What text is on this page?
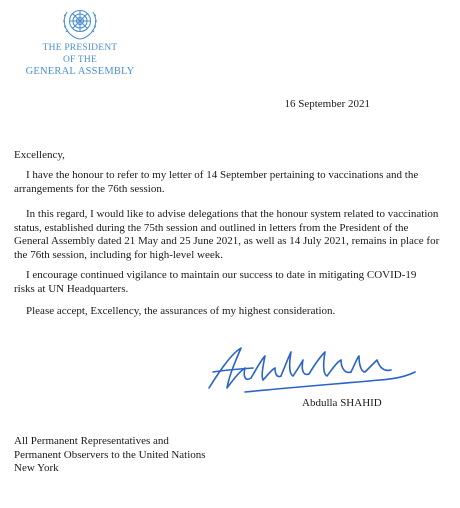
THE PRESIDENT
OF THE
GENERAL ASSEMBLY
16 September 2021
Excellency,
I have the honour to refer to my letter of 14 September pertaining to vaccinations and the
arrangements for the 76th session.
In this regard, I would like to advise delegations that the honour system related to vaccination
status, established during the 75th session and outlined in letters from the President of the
General Assembly dated 21 May and 25 June 2021, as well as 14 July 2021, remains in place for
the 76th session, including for high-level week.
I encourage continued vigilance to maintain our success to date in mitigating COVID-19
risks at UN Headquarters.
Please accept, Excellency, the assurances of my highest consideration.
Abdulla SHAHID
All Permanent Representatives and
Permanent Observers to the United Nations
New York
